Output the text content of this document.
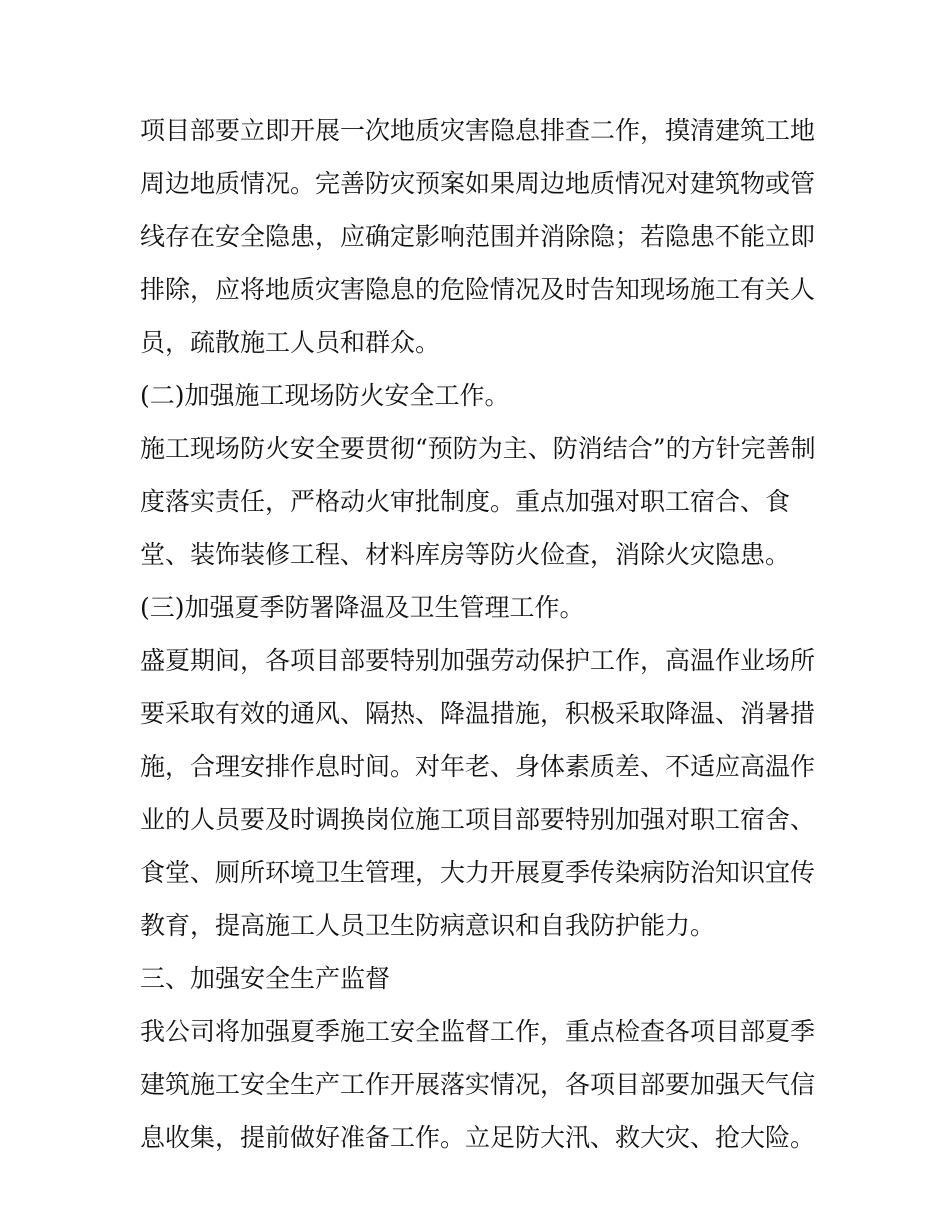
项目部要立即开展一次地质灾害隐息排查二作，摸清建筑工地
周边地质情况。完善防灾预案如果周边地质情况对建筑物或管
线存在安全隐患，应确定影响范围并消除隐；若隐患不能立即
排除，应将地质灾害隐息的危险情况及时告知现场施工有关人
员，疏散施工人员和群众。
(二)加强施工现场防火安全工作。
施工现场防火安全要贯彻“预防为主、防消结合”的方针完善制
度落实责任，严格动火审批制度。重点加强对职工宿合、食
堂、装饰装修工程、材料库房等防火俭查，消除火灾隐患。
(三)加强夏季防署降温及卫生管理工作。
盛夏期间，各项目部要特别加强劳动保护工作，高温作业场所
要采取有效的通风、隔热、降温措施，积极采取降温、消暑措
施，合理安排作息时间。对年老、身体素质差、不适应高温作
业的人员要及时调换岗位施工项目部要特别加强对职工宿舍、
食堂、厕所环境卫生管理，大力开展夏季传染病防治知识宜传
教育，提高施工人员卫生防病意识和自我防护能力。
三、加强安全生产监督
我公司将加强夏季施工安全监督工作，重点检查各项目部夏季
建筑施工安全生产工作开展落实情况，各项目部要加强天气信
息收集，提前做好准备工作。立足防大汛、救大灾、抢大险。
